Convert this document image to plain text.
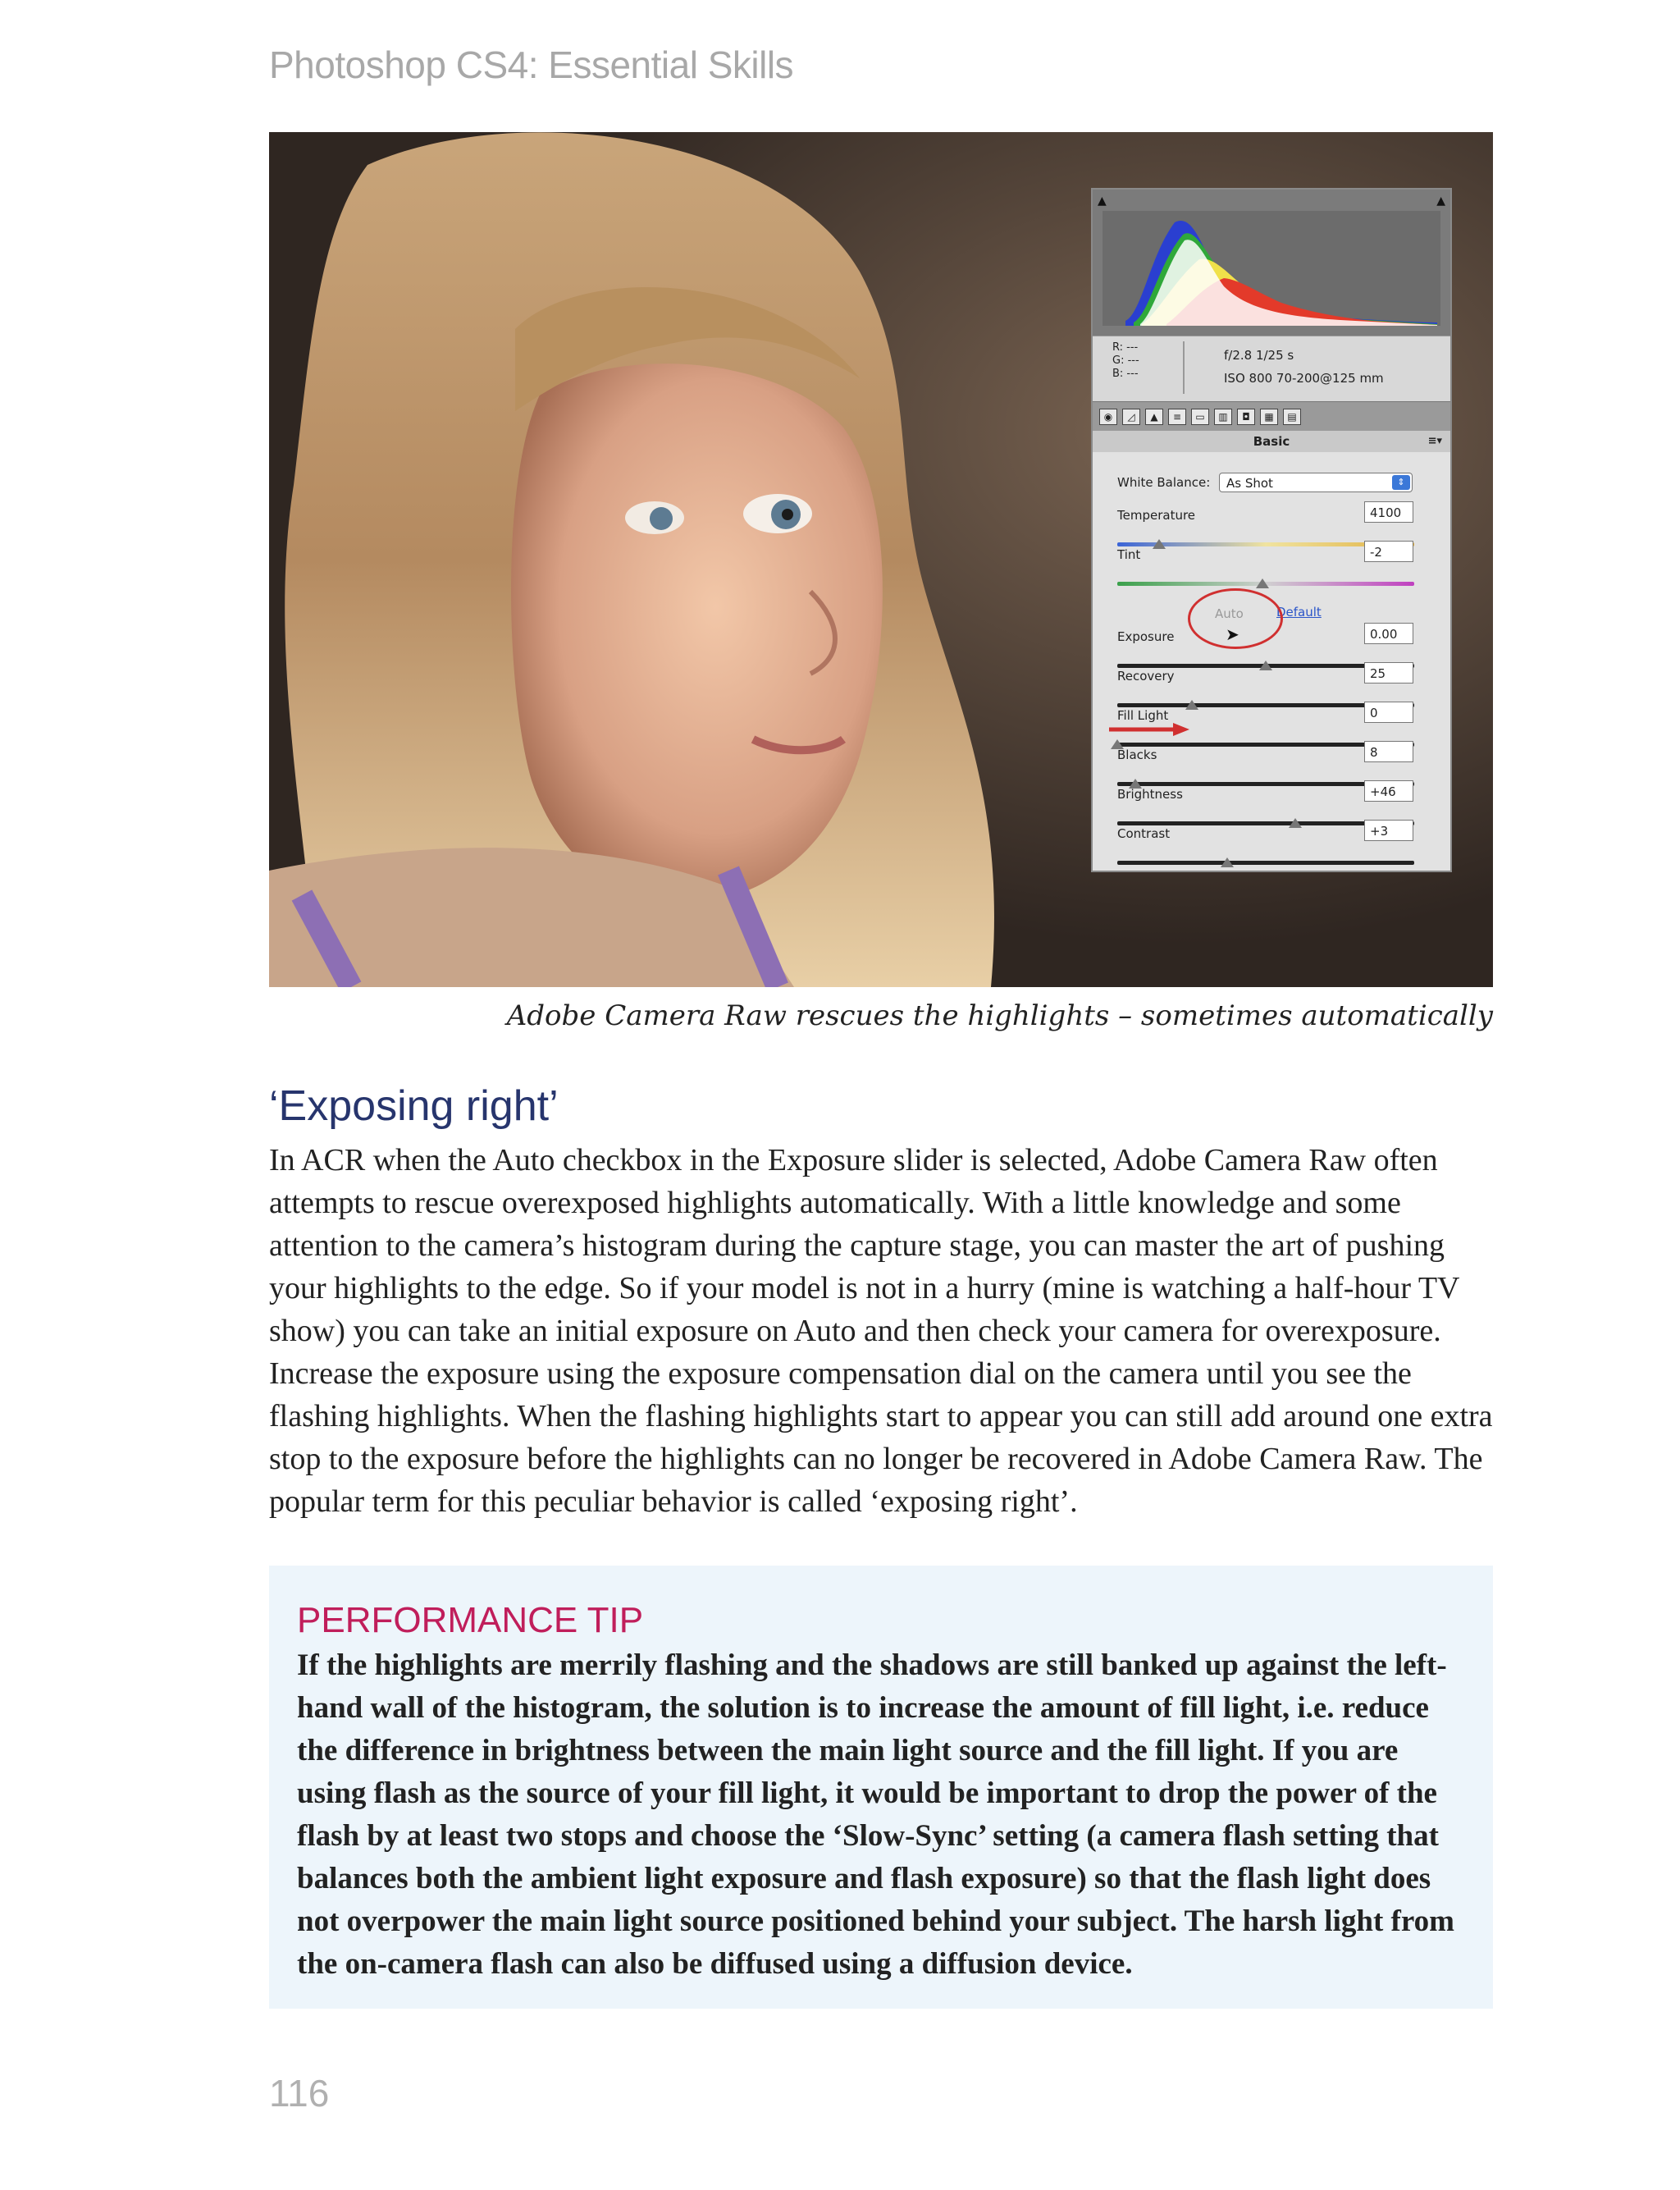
Photoshop CS4: Essential Skills
▲	▲
R: ---
G: ---
B: ---
f/2.8 1/25 s
ISO 800 70-200@125 mm
◉	◿	▲	≡	▭	▥	◘	▦	▤
Basic	≡▾
White Balance:	As Shot	⇕
Auto	Default
➤
Temperature	4100
Tint	-2
Exposure	0.00
Recovery	25
Fill Light	0
Blacks	8
Brightness	+46
Contrast	+3
Adobe Camera Raw rescues the highlights – sometimes automatically
‘Exposing right’
In ACR when the Auto checkbox in the Exposure slider is selected, Adobe Camera Raw often attempts to rescue overexposed highlights automatically. With a little knowledge and some attention to the camera’s histogram during the capture stage, you can master the art of pushing your highlights to the edge. So if your model is not in a hurry (mine is watching a half-hour TV show) you can take an initial exposure on Auto and then check your camera for overexposure. Increase the exposure using the exposure compensation dial on the camera until you see the flashing highlights. When the flashing highlights start to appear you can still add around one extra stop to the exposure before the highlights can no longer be recovered in Adobe Camera Raw. The popular term for this peculiar behavior is called ‘exposing right’.
PERFORMANCE TIP
If the highlights are merrily flashing and the shadows are still banked up against the left-hand wall of the histogram, the solution is to increase the amount of fill light, i.e. reduce the difference in brightness between the main light source and the fill light. If you are using flash as the source of your fill light, it would be important to drop the power of the flash by at least two stops and choose the ‘Slow-Sync’ setting (a camera flash setting that balances both the ambient light exposure and flash exposure) so that the flash light does not overpower the main light source positioned behind your subject. The harsh light from the on-camera flash can also be diffused using a diffusion device.
116
